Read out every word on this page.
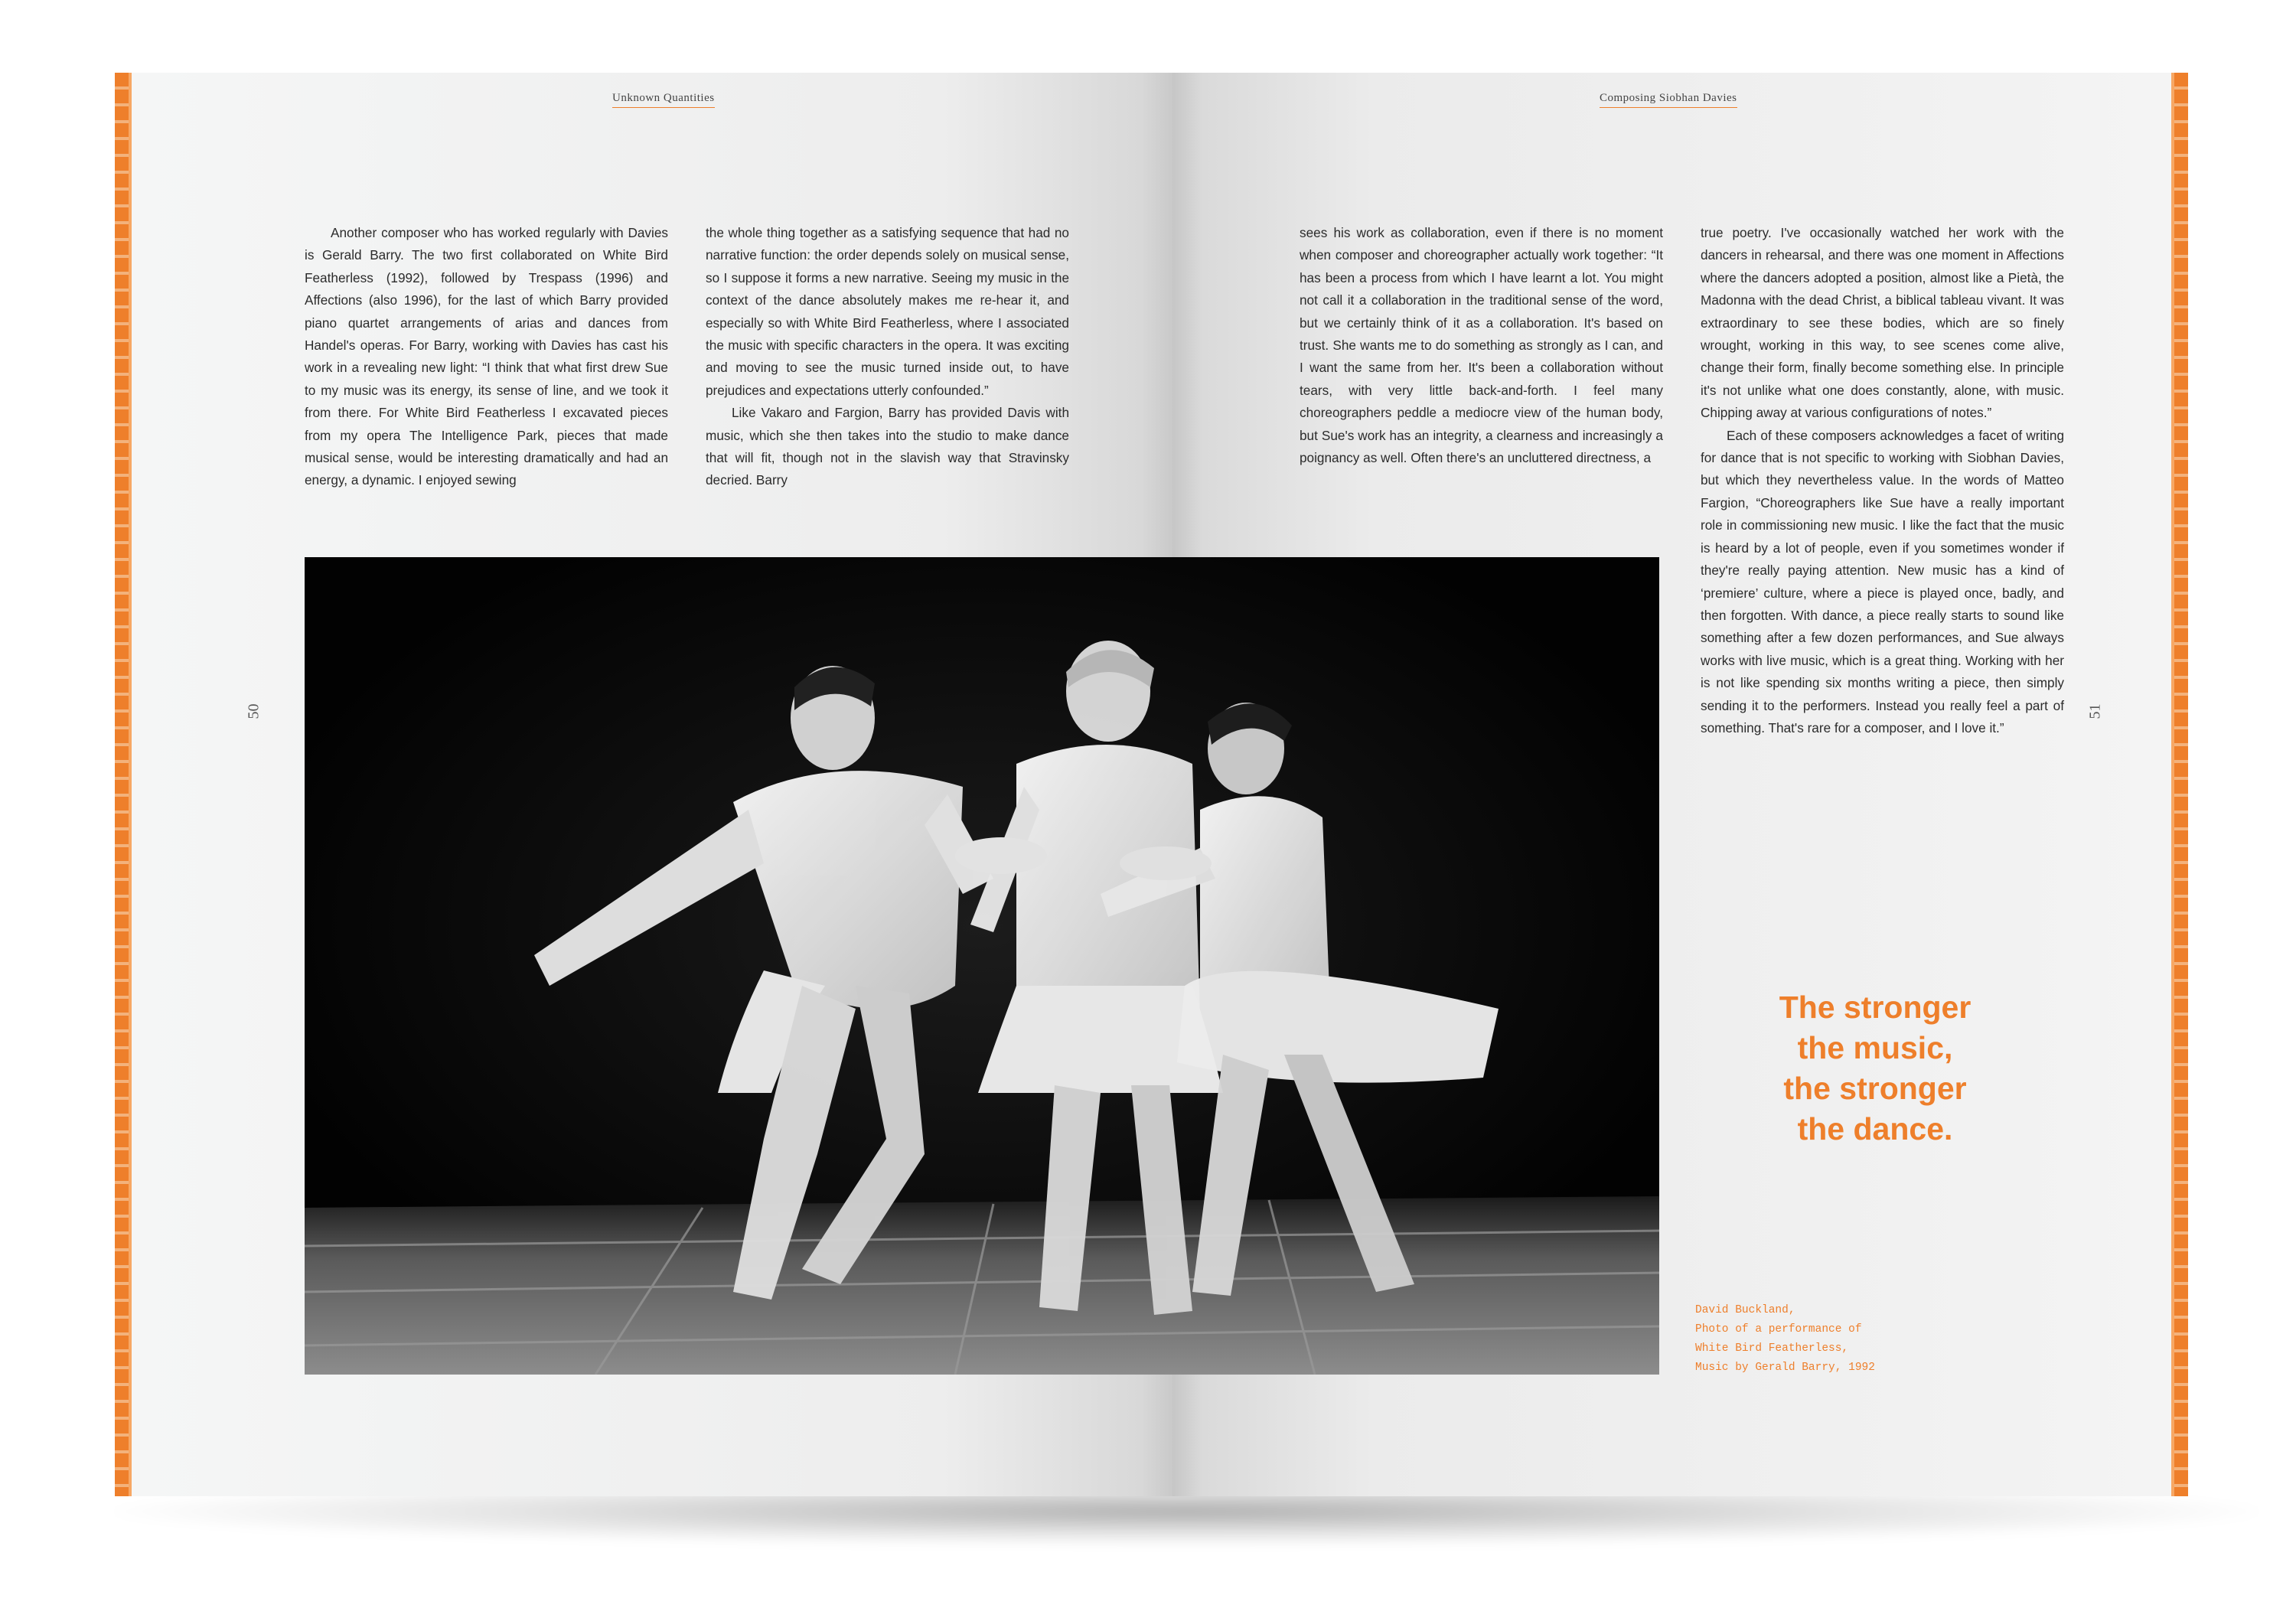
Unknown Quantities	Composing Siobhan Davies
50	51

Another composer who has worked regularly with Davies is Gerald Barry. The two first collaborated on White Bird Featherless (1992), followed by Trespass (1996) and Affections (also 1996), for the last of which Barry provided piano quartet arrangements of arias and dances from Handel's operas. For Barry, working with Davies has cast his work in a revealing new light: “I think that what first drew Sue to my music was its energy, its sense of line, and we took it from there. For White Bird Featherless I excavated pieces from my opera The Intelligence Park, pieces that made musical sense, would be interesting dramatically and had an energy, a dynamic. I enjoyed sewing

the whole thing together as a satisfying sequence that had no narrative function: the order depends solely on musical sense, so I suppose it forms a new narrative. Seeing my music in the context of the dance absolutely makes me re-hear it, and especially so with White Bird Featherless, where I associated the music with specific characters in the opera. It was exciting and moving to see the music turned inside out, to have prejudices and expectations utterly confounded.”

Like Vakaro and Fargion, Barry has provided Davis with music, which she then takes into the studio to make dance that will fit, though not in the slavish way that Stravinsky decried. Barry

sees his work as collaboration, even if there is no moment when composer and choreographer actually work together: “It has been a process from which I have learnt a lot. You might not call it a collaboration in the traditional sense of the word, but we certainly think of it as a collaboration. It's based on trust. She wants me to do something as strongly as I can, and I want the same from her. It's been a collaboration without tears, with very little back-and-forth. I feel many choreographers peddle a mediocre view of the human body, but Sue's work has an integrity, a clearness and increasingly a poignancy as well. Often there's an uncluttered directness, a

true poetry. I've occasionally watched her work with the dancers in rehearsal, and there was one moment in Affections where the dancers adopted a position, almost like a Pietà, the Madonna with the dead Christ, a biblical tableau vivant. It was extraordinary to see these bodies, which are so finely wrought, working in this way, to see scenes come alive, change their form, finally become something else. In principle it's not unlike what one does constantly, alone, with music. Chipping away at various configurations of notes.”

Each of these composers acknowledges a facet of writing for dance that is not specific to working with Siobhan Davies, but which they nevertheless value. In the words of Matteo Fargion, “Choreographers like Sue have a really important role in commissioning new music. I like the fact that the music is heard by a lot of people, even if you sometimes wonder if they're really paying attention. New music has a kind of ‘premiere’ culture, where a piece is played once, badly, and then forgotten. With dance, a piece really starts to sound like something after a few dozen performances, and Sue always works with live music, which is a great thing. Working with her is not like spending six months writing a piece, then simply sending it to the performers. Instead you really feel a part of something. That's rare for a composer, and I love it.”

The stronger
the music,
the stronger
the dance.
David Buckland,
Photo of a performance of
White Bird Featherless,
Music by Gerald Barry, 1992
